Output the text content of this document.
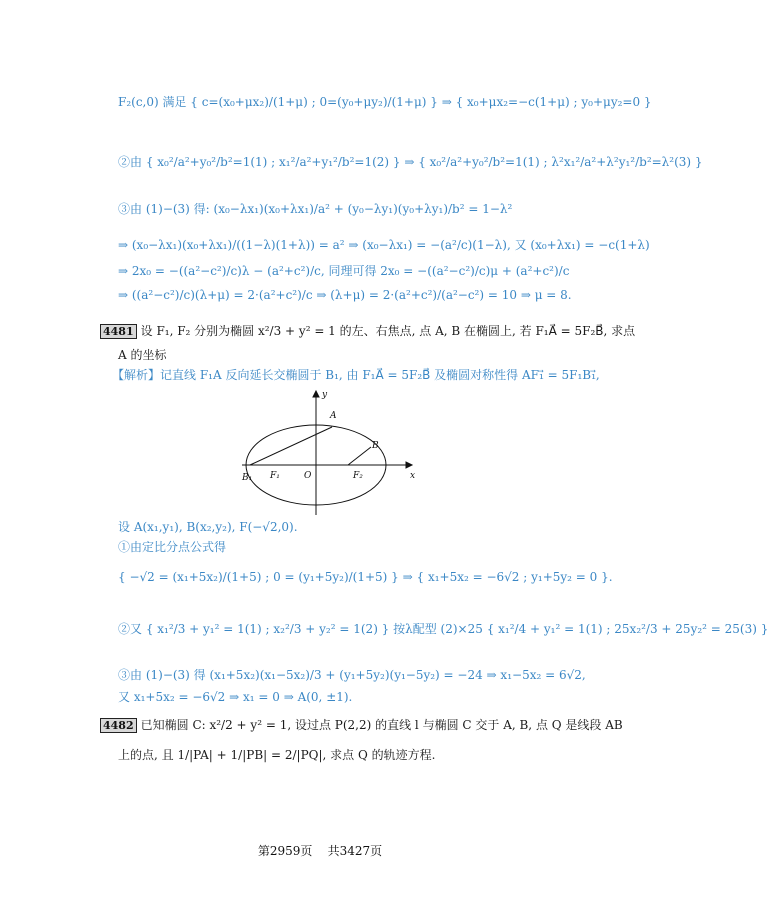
F₂(c,0) 满足 { c=(x₀+μx₂)/(1+μ) ; 0=(y₀+μy₂)/(1+μ) } ⇒ { x₀+μx₂=−c(1+μ) ; y₀+μy₂=0 }
②由 { x₀²/a²+y₀²/b²=1(1) ; x₁²/a²+y₁²/b²=1(2) } ⇒ { x₀²/a²+y₀²/b²=1(1) ; λ²x₁²/a²+λ²y₁²/b²=λ²(3) }
③由 (1)−(3) 得: (x₀−λx₁)(x₀+λx₁)/a² + (y₀−λy₁)(y₀+λy₁)/b² = 1−λ²
⇒ (x₀−λx₁)(x₀+λx₁)/((1−λ)(1+λ)) = a² ⇒ (x₀−λx₁) = −(a²/c)(1−λ), 又 (x₀+λx₁) = −c(1+λ)
⇒ 2x₀ = −((a²−c²)/c)λ − (a²+c²)/c, 同理可得 2x₀ = −((a²−c²)/c)μ + (a²+c²)/c
⇒ ((a²−c²)/c)(λ+μ) = 2·(a²+c²)/c ⇒ (λ+μ) = 2·(a²+c²)/(a²−c²) = 10 ⇒ μ = 8.
4481 设 F₁, F₂ 分别为椭圆 x²/3 + y² = 1 的左、右焦点, 点 A, B 在椭圆上, 若 F₁A⃗ = 5F₂B⃗, 求点
A 的坐标
【解析】记直线 F₁A 反向延长交椭圆于 B₁, 由 F₁A⃗ = 5F₂B⃗ 及椭圆对称性得 AF₁⃗ = 5F₁B₁⃗,
y
x
A
B
B₁ F₁	O	F₂
设 A(x₁,y₁), B(x₂,y₂), F(−√2,0).
①由定比分点公式得
{ −√2 = (x₁+5x₂)/(1+5) ; 0 = (y₁+5y₂)/(1+5) } ⇒ { x₁+5x₂ = −6√2 ; y₁+5y₂ = 0 }.
②又 { x₁²/3 + y₁² = 1(1) ; x₂²/3 + y₂² = 1(2) } 按λ配型 (2)×25 { x₁²/4 + y₁² = 1(1) ; 25x₂²/3 + 25y₂² = 25(3) }
③由 (1)−(3) 得 (x₁+5x₂)(x₁−5x₂)/3 + (y₁+5y₂)(y₁−5y₂) = −24 ⇒ x₁−5x₂ = 6√2,
又 x₁+5x₂ = −6√2 ⇒ x₁ = 0 ⇒ A(0, ±1).
4482 已知椭圆 C: x²/2 + y² = 1, 设过点 P(2,2) 的直线 l 与椭圆 C 交于 A, B, 点 Q 是线段 AB
上的点, 且 1/|PA| + 1/|PB| = 2/|PQ|, 求点 Q 的轨迹方程.
第2959页 共3427页
